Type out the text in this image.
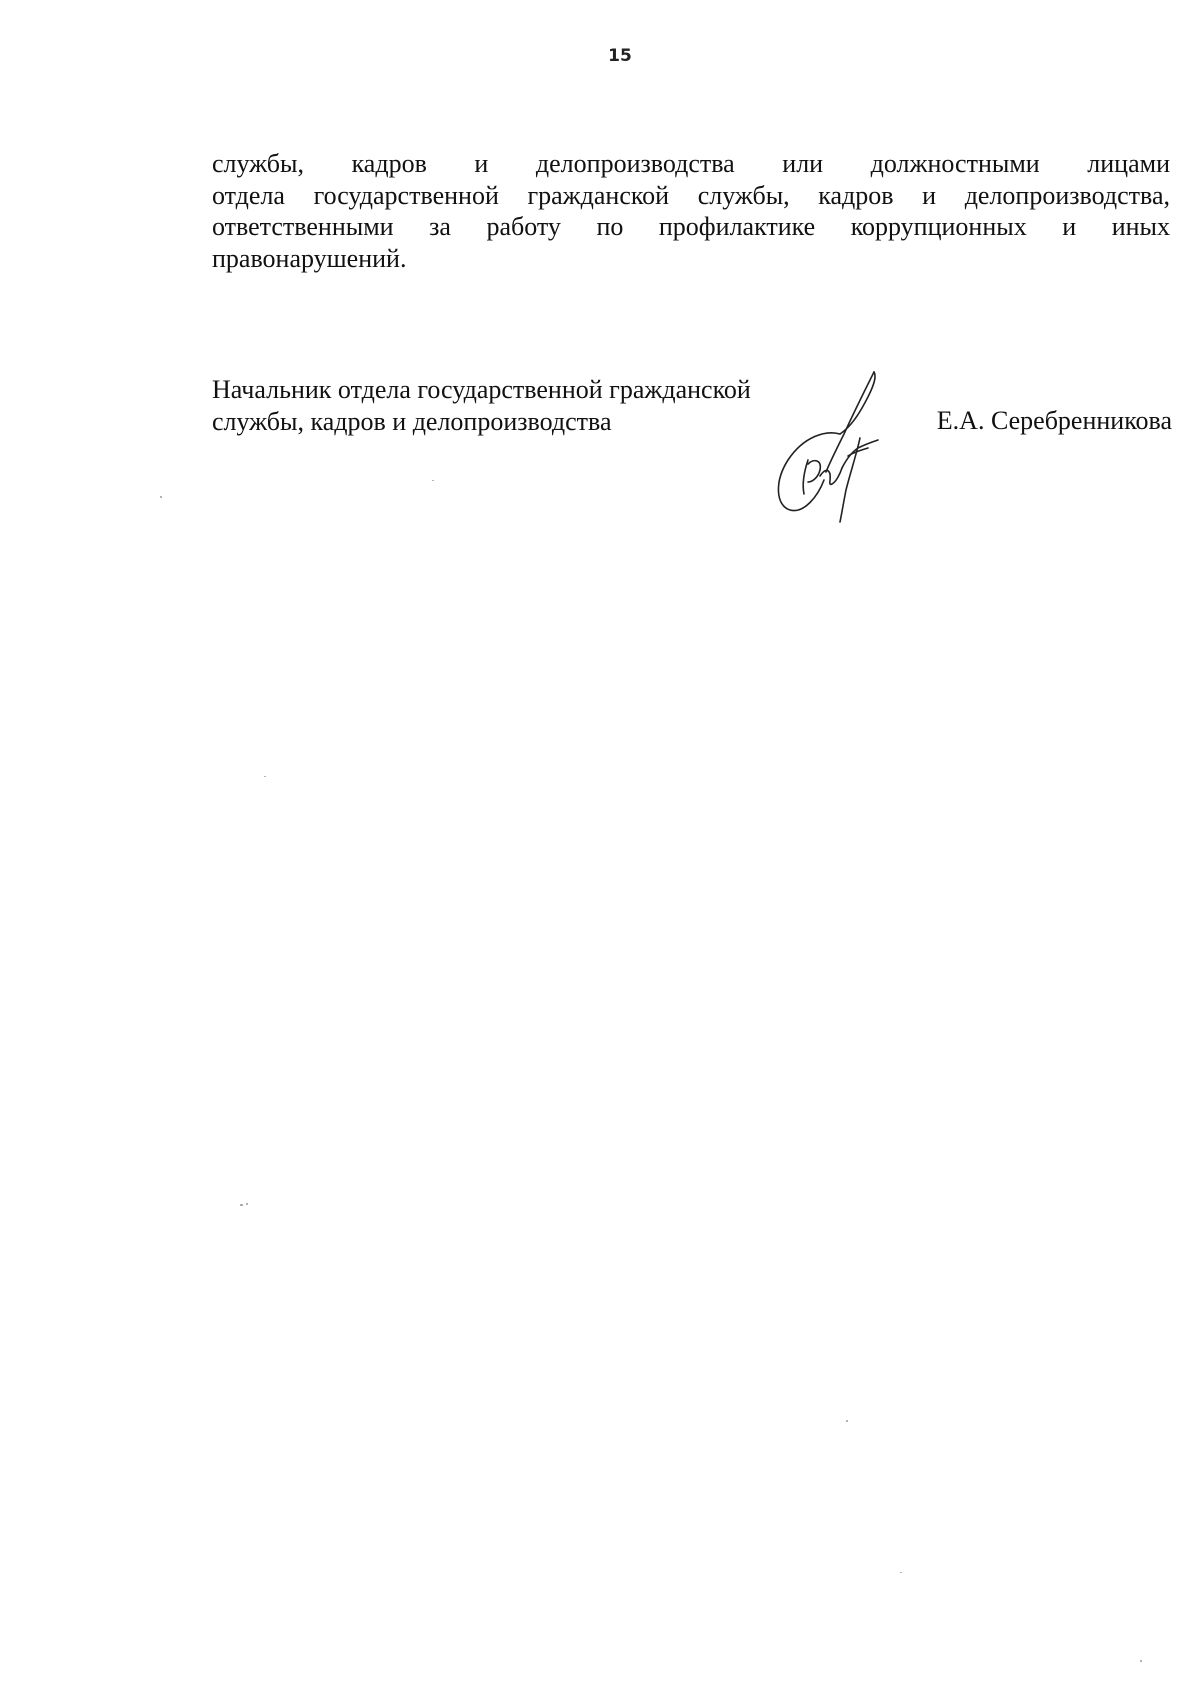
15

службы, кадров и делопроизводства или должностными лицами
отдела государственной гражданской службы, кадров и делопроизводства,
ответственными за работу по профилактике коррупционных и иных
правонарушений.

Начальник отдела государственной гражданской
службы, кадров и делопроизводства	Е.А. Серебренникова
